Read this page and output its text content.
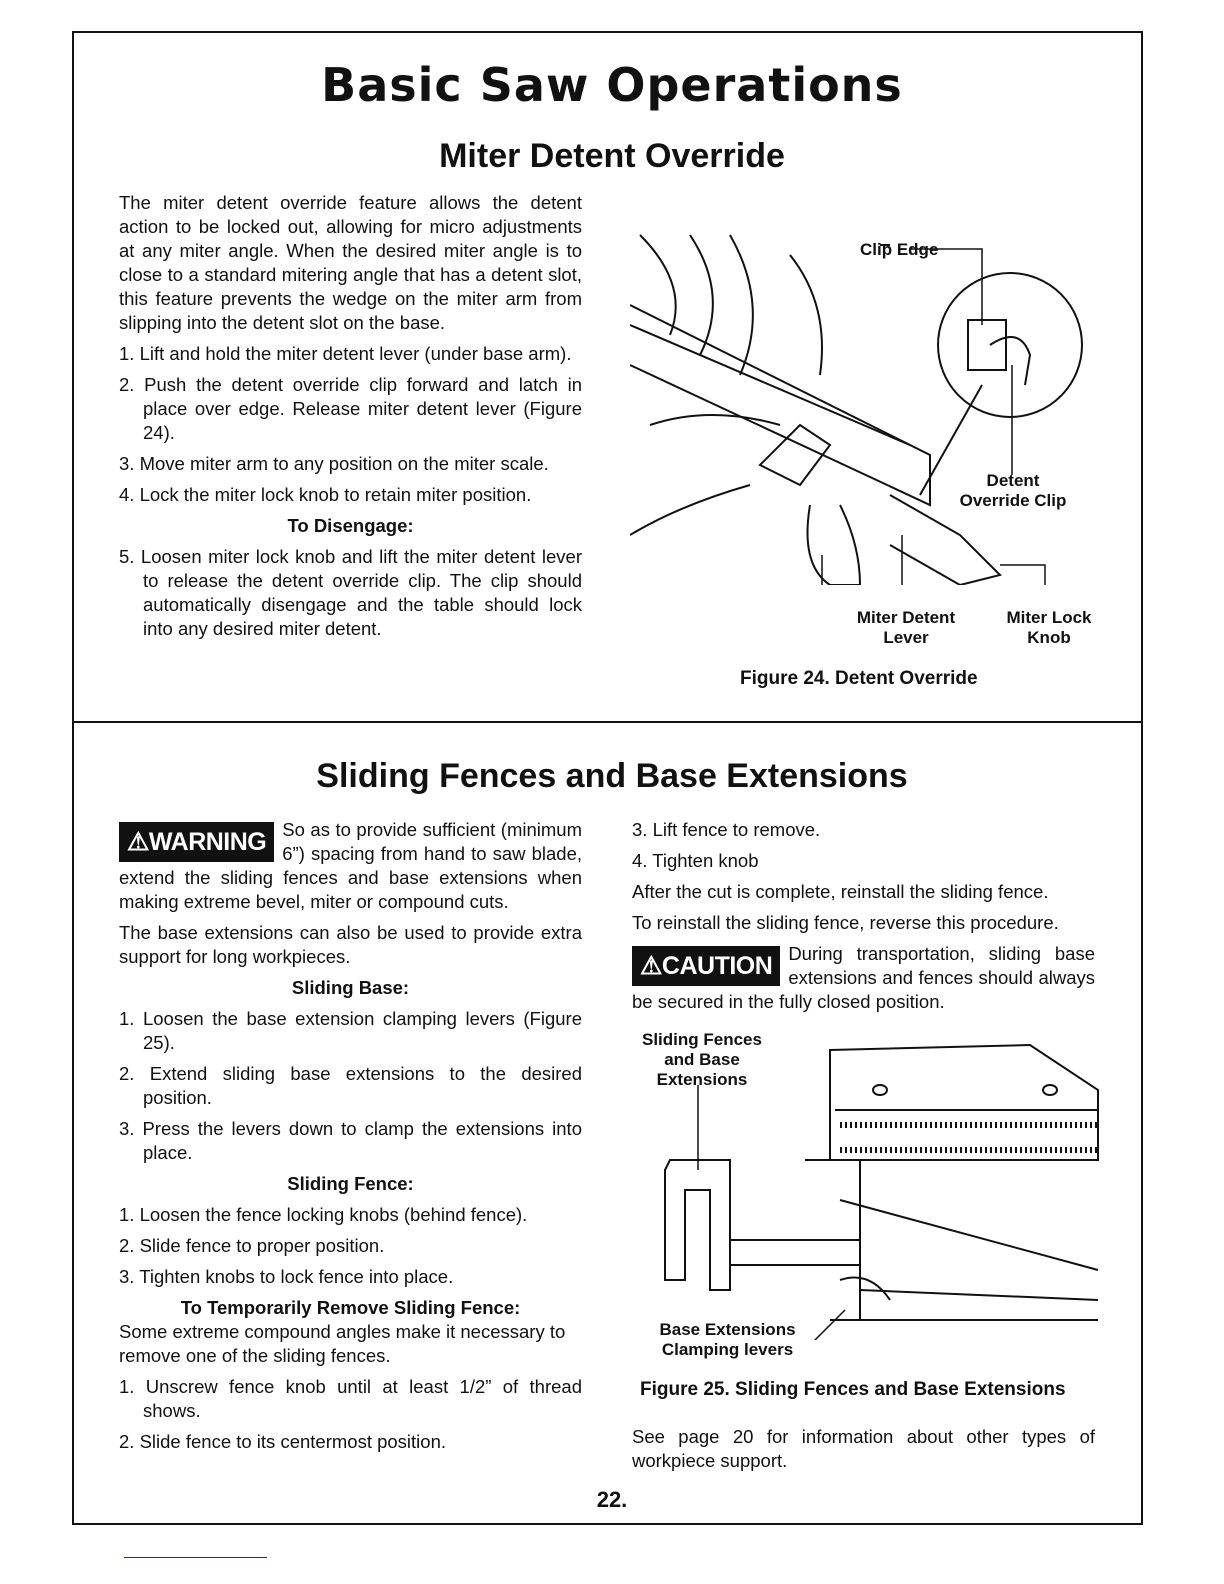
Basic Saw Operations
Miter Detent Override

The miter detent override feature allows the detent action to be locked out, allowing for micro adjustments at any miter angle. When the desired miter angle is to close to a standard mitering angle that has a detent slot, this feature prevents the wedge on the miter arm from slipping into the detent slot on the base.

1. Lift and hold the miter detent lever (under base arm).

2. Push the detent override clip forward and latch in place over edge. Release miter detent lever (Figure 24).

3. Move miter arm to any position on the miter scale.

4. Lock the miter lock knob to retain miter position.

To Disengage:

5. Loosen miter lock knob and lift the miter detent lever to release the detent override clip. The clip should automatically disengage and the table should lock into any desired miter detent.

Clip Edge
Detent Override Clip
Miter Detent Lever
Miter Lock Knob
Figure 24. Detent Override
Sliding Fences and Base Extensions

⚠WARNING So as to provide sufficient (minimum 6”) spacing from hand to saw blade, extend the sliding fences and base extensions when making extreme bevel, miter or compound cuts.

The base extensions can also be used to provide extra support for long workpieces.

Sliding Base:

1. Loosen the base extension clamping levers (Figure 25).

2. Extend sliding base extensions to the desired position.

3. Press the levers down to clamp the extensions into place.

Sliding Fence:

1. Loosen the fence locking knobs (behind fence).

2. Slide fence to proper position.

3. Tighten knobs to lock fence into place.

To Temporarily Remove Sliding Fence:

Some extreme compound angles make it necessary to remove one of the sliding fences.

1. Unscrew fence knob until at least 1/2” of thread shows.

2. Slide fence to its centermost position.

3. Lift fence to remove.

4. Tighten knob

After the cut is complete, reinstall the sliding fence.

To reinstall the sliding fence, reverse this procedure.

⚠CAUTION During transportation, sliding base extensions and fences should always be secured in the fully closed position.

Sliding Fences and Base Extensions
Base Extensions Clamping levers
Figure 25. Sliding Fences and Base Extensions
See page 20 for information about other types of workpiece support.
22.
